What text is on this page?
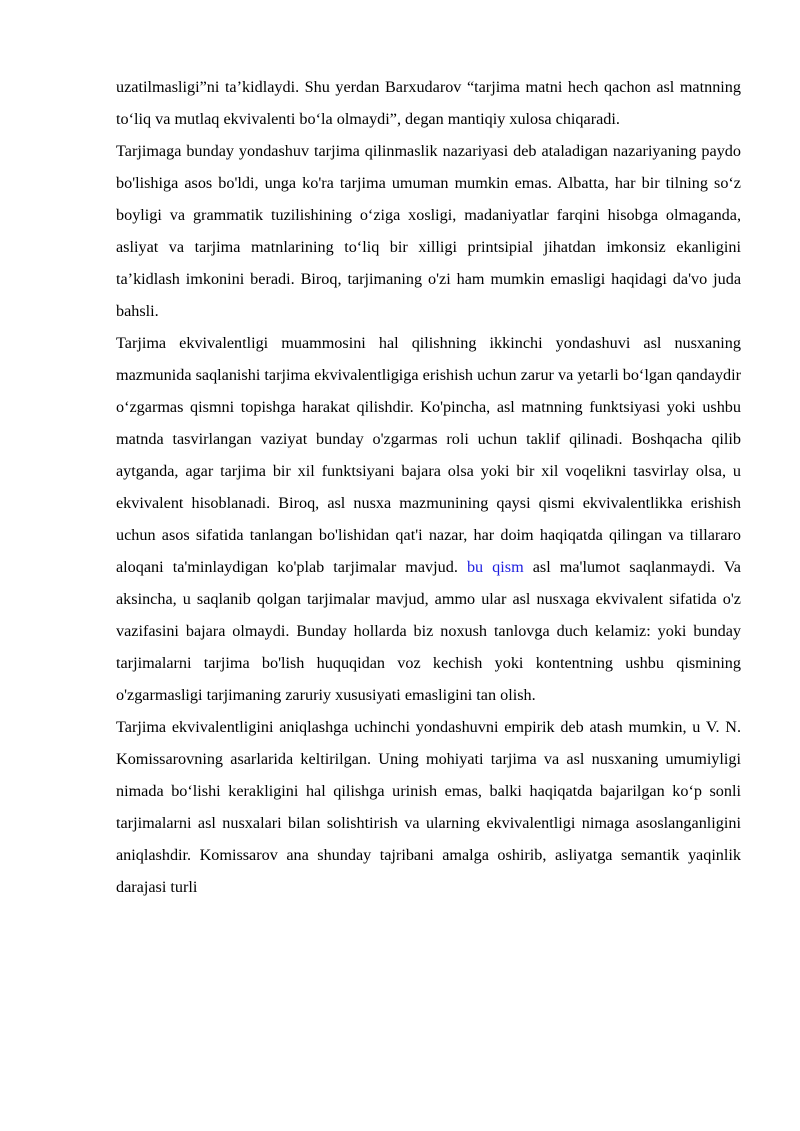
uzatilmasligi”ni ta’kidlaydi. Shu yerdan Barxudarov “tarjima matni hech qachon asl matnning to‘liq va mutlaq ekvivalenti bo‘la olmaydi”, degan mantiqiy xulosa chiqaradi.

Tarjimaga bunday yondashuv tarjima qilinmaslik nazariyasi deb ataladigan nazariyaning paydo bo'lishiga asos bo'ldi, unga ko'ra tarjima umuman mumkin emas. Albatta, har bir tilning so‘z boyligi va grammatik tuzilishining o‘ziga xosligi, madaniyatlar farqini hisobga olmaganda, asliyat va tarjima matnlarining to‘liq bir xilligi printsipial jihatdan imkonsiz ekanligini ta’kidlash imkonini beradi. Biroq, tarjimaning o'zi ham mumkin emasligi haqidagi da'vo juda bahsli.

Tarjima ekvivalentligi muammosini hal qilishning ikkinchi yondashuvi asl nusxaning mazmunida saqlanishi tarjima ekvivalentligiga erishish uchun zarur va yetarli bo‘lgan qandaydir o‘zgarmas qismni topishga harakat qilishdir. Ko'pincha, asl matnning funktsiyasi yoki ushbu matnda tasvirlangan vaziyat bunday o'zgarmas roli uchun taklif qilinadi. Boshqacha qilib aytganda, agar tarjima bir xil funktsiyani bajara olsa yoki bir xil voqelikni tasvirlay olsa, u ekvivalent hisoblanadi. Biroq, asl nusxa mazmunining qaysi qismi ekvivalentlikka erishish uchun asos sifatida tanlangan bo'lishidan qat'i nazar, har doim haqiqatda qilingan va tillararo aloqani ta'minlaydigan ko'plab tarjimalar mavjud. bu qism asl ma'lumot saqlanmaydi. Va aksincha, u saqlanib qolgan tarjimalar mavjud, ammo ular asl nusxaga ekvivalent sifatida o'z vazifasini bajara olmaydi. Bunday hollarda biz noxush tanlovga duch kelamiz: yoki bunday tarjimalarni tarjima bo'lish huquqidan voz kechish yoki kontentning ushbu qismining o'zgarmasligi tarjimaning zaruriy xususiyati emasligini tan olish.

Tarjima ekvivalentligini aniqlashga uchinchi yondashuvni empirik deb atash mumkin, u V. N. Komissarovning asarlarida keltirilgan. Uning mohiyati tarjima va asl nusxaning umumiyligi nimada bo‘lishi kerakligini hal qilishga urinish emas, balki haqiqatda bajarilgan ko‘p sonli tarjimalarni asl nusxalari bilan solishtirish va ularning ekvivalentligi nimaga asoslanganligini aniqlashdir. Komissarov ana shunday tajribani amalga oshirib, asliyatga semantik yaqinlik darajasi turli
